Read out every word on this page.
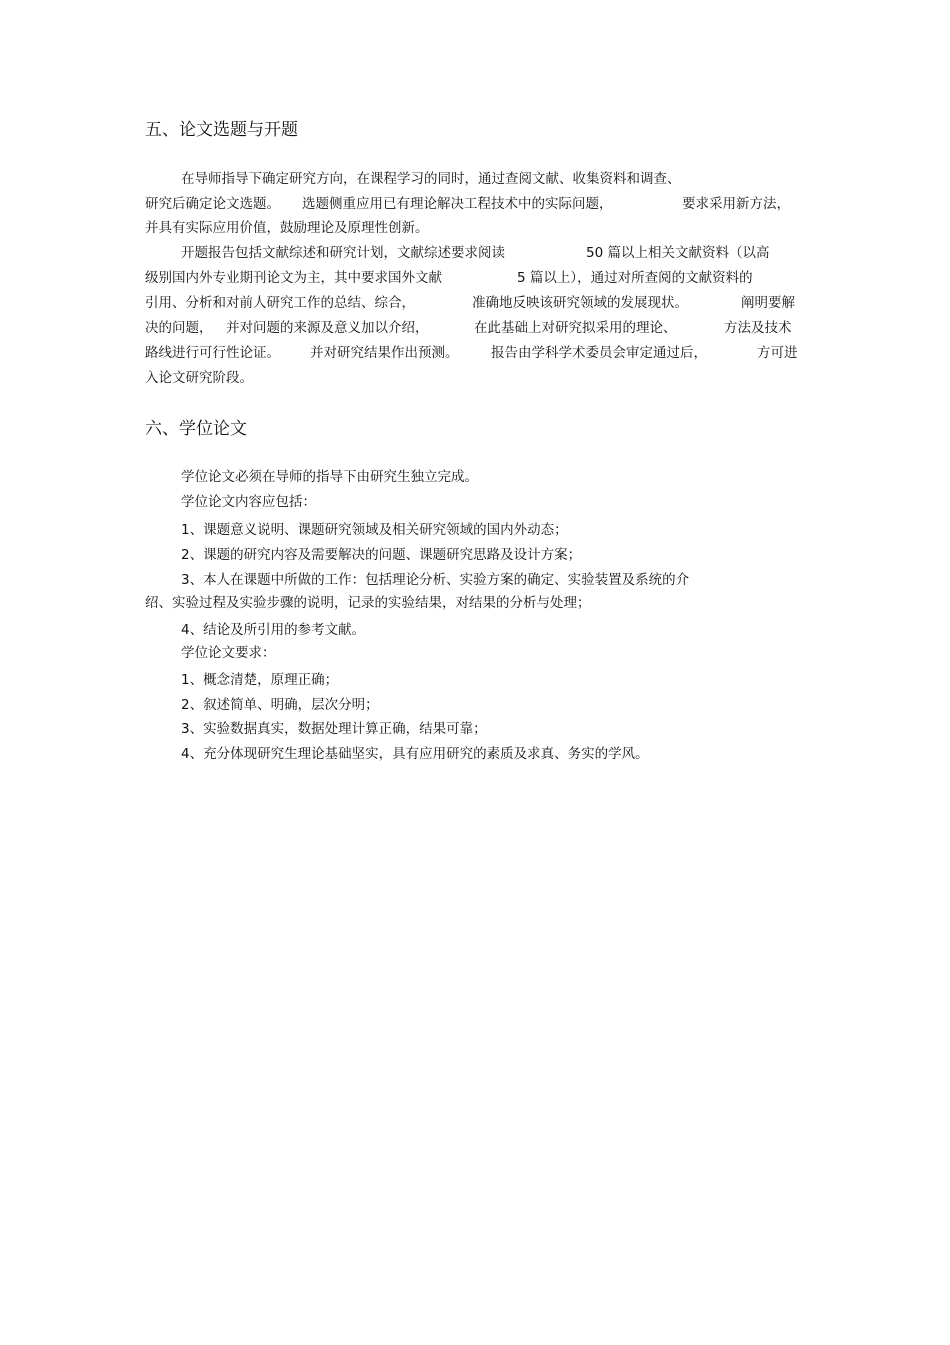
五、论文选题与开题
在导师指导下确定研究方向，在课程学习的同时，通过查阅文献、收集资料和调查、
研究后确定论文选题。 选题侧重应用已有理论解决工程技术中的实际问题，	要求采用新方法，
并具有实际应用价值，鼓励理论及原理性创新。
开题报告包括文献综述和研究计划，文献综述要求阅读	50 篇以上相关文献资料（以高
级别国内外专业期刊论文为主，其中要求国外文献	5 篇以上），通过对所查阅的文献资料的
引用、分析和对前人研究工作的总结、综合，	准确地反映该研究领域的发展现状。	阐明要解
决的问题， 并对问题的来源及意义加以介绍，	在此基础上对研究拟采用的理论、	方法及技术
路线进行可行性论证。 并对研究结果作出预测。 报告由学科学术委员会审定通过后，	方可进
入论文研究阶段。
六、学位论文
学位论文必须在导师的指导下由研究生独立完成。
学位论文内容应包括：
1、课题意义说明、课题研究领域及相关研究领域的国内外动态；
2、课题的研究内容及需要解决的问题、课题研究思路及设计方案；
3、本人在课题中所做的工作：包括理论分析、实验方案的确定、实验装置及系统的介
绍、实验过程及实验步骤的说明，记录的实验结果，对结果的分析与处理；
4、结论及所引用的参考文献。
学位论文要求：
1、概念清楚，原理正确；
2、叙述简单、明确，层次分明；
3、实验数据真实，数据处理计算正确，结果可靠；
4、充分体现研究生理论基础坚实，具有应用研究的素质及求真、务实的学风。
